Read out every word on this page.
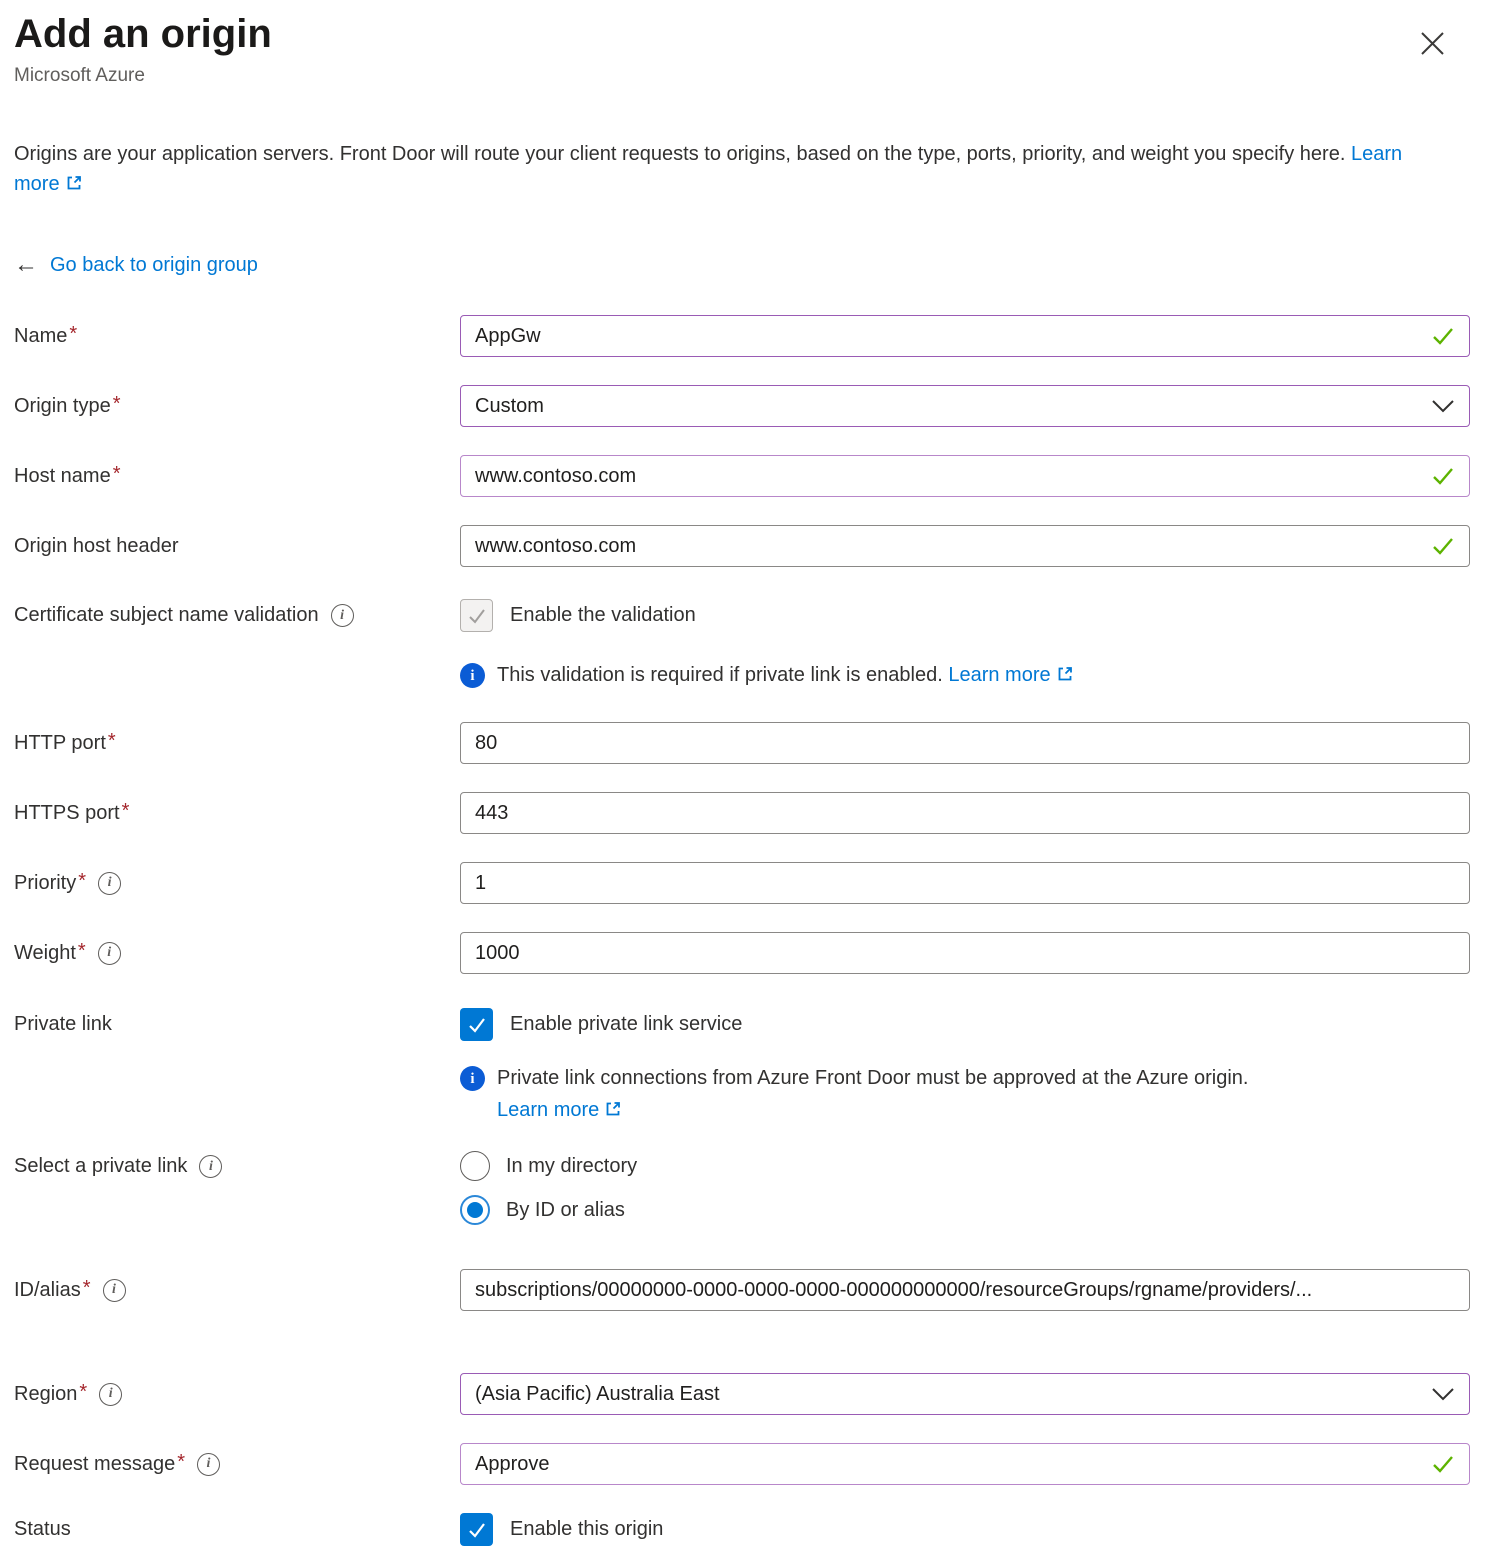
Add an origin
Microsoft Azure
Origins are your application servers. Front Door will route your client requests to origins, based on the type, ports, priority, and weight you specify here. Learn more
← Go back to origin group
Name *	AppGw
Origin type *	Custom
Host name *	www.contoso.com
Origin host header	www.contoso.com
Certificate subject name validation	i	Enable the validation
i	This validation is required if private link is enabled. Learn more
HTTP port *	80
HTTPS port *	443
Priority *	i	1
Weight *	i	1000
Private link	Enable private link service
i	Private link connections from Azure Front Door must be approved at the Azure origin.
Learn more
Select a private link	i	In my directory
By ID or alias
ID/alias *	i	subscriptions/00000000-0000-0000-0000-000000000000/resourceGroups/rgname/providers/...
Region *	i	(Asia Pacific) Australia East
Request message *	i	Approve
Status	Enable this origin
